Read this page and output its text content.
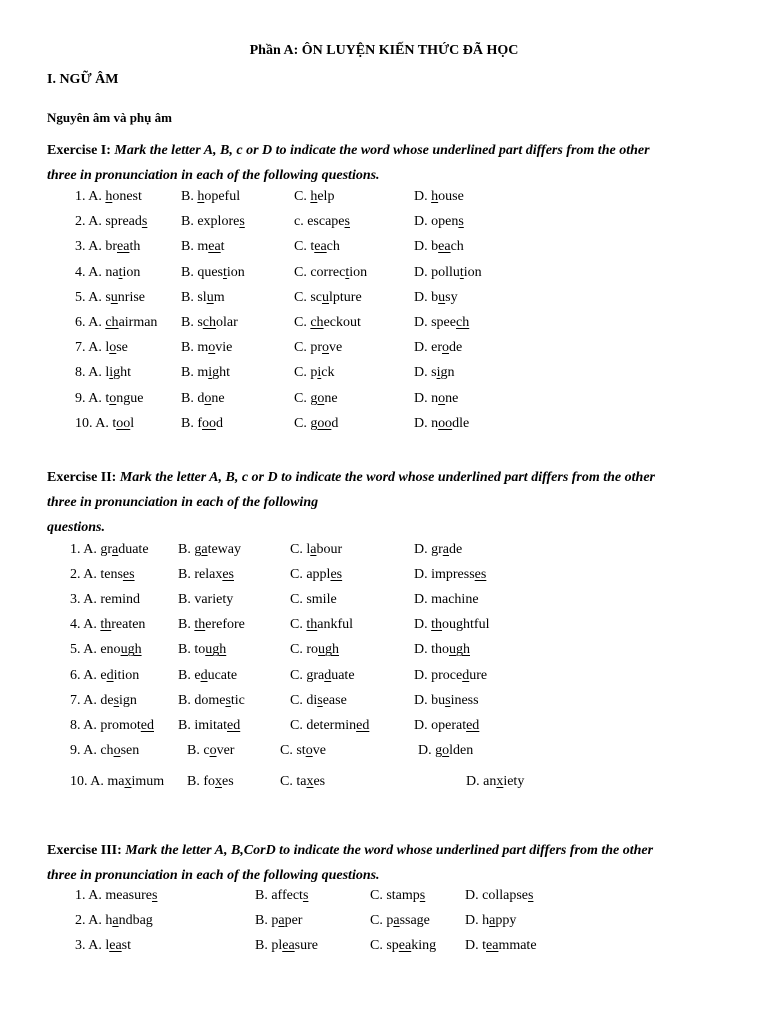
Phần A: ÔN LUYỆN KIẾN THỨC ĐÃ HỌC
I. NGỮ ÂM
Nguyên âm và phụ âm
Exercise I: Mark the letter A, B, c or D to indicate the word whose underlined part differs from the other
three in pronunciation in each of the following questions.
1. A. honest	B. hopeful	C. help	D. house
2. A. spreads B. explores	c. escapes	D. opens
3. A. breath	B. meat	C. teach	D. beach
4. A. nation	B. question	C. correction	D. pollution
5. A. sunrise	B. slum	C. sculpture	D. busy
6. A. chairman B. scholar	C. checkout	D. speech
7. A. lose	B. movie	C. prove	D. erode
8. A. light	B. might	C. pick	D. sign
9. A. tongue	B. done	C. gone	D. none
10. A. tool	B. food	C. good	D. noodle
Exercise II: Mark the letter A, B, c or D to indicate the word whose underlined part differs from the other
three in pronunciation in each of the following
questions.
1. A. graduate B. gateway	C. labour	D. grade
2. A. tenses	B. relaxes	C. apples	D. impresses
3. A. remind	B. variety	C. smile	D. machine
4. A. threaten B. therefore	C. thankful	D. thoughtful
5. A. enough	B. tough	C. rough	D. though
6. A. edition	B. educate	C. graduate	D. procedure
7. A. design	B. domestic	C. disease	D. business
8. A. promoted B. imitated	C. determined	D. operated
9. A. chosen	B. cover	C. stove	D. golden
10. A. maximum B. foxes	C. taxes	D. anxiety
Exercise III: Mark the letter A, B,CorD to indicate the word whose underlined part differs from the other
three in pronunciation in each of the following questions.
1. A. measures	B. affects	C. stamps	D. collapses
2. A. handbag	B. paper	C. passage	D. happy
3. A. least	B. pleasure	C. speaking D. teammate
